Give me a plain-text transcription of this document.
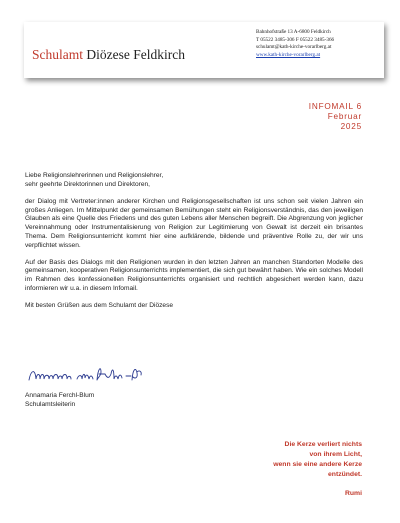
Schulamt Diözese Feldkirch
Bahnhofstraße 13 A-6800 Feldkirch
T 05522 3485-306 F 05522 3485-366
schulamt@kath-kirche-vorarlberg.at
www.kath-kirche-vorarlberg.at
INFOMAIL 6
Februar
2025
Liebe Religionslehrerinnen und Religionslehrer,
sehr geehrte Direktorinnen und Direktoren,

der Dialog mit Vertreter:innen anderer Kirchen und Religionsgesellschaften ist uns schon seit vielen Jahren ein großes Anliegen. Im Mittelpunkt der gemeinsamen Bemühungen steht ein Religionsverständnis, das den jeweiligen Glauben als eine Quelle des Friedens und des guten Lebens aller Menschen begreift. Die Abgrenzung von jeglicher Vereinnahmung oder Instrumentalisierung von Religion zur Legitimierung von Gewalt ist derzeit ein brisantes Thema. Dem Religionsunterricht kommt hier eine aufklärende, bildende und präventive Rolle zu, der wir uns verpflichtet wissen.

Auf der Basis des Dialogs mit den Religionen wurden in den letzten Jahren an manchen Standorten Modelle des gemeinsamen, kooperativen Religionsunterrichts implementiert, die sich gut bewährt haben. Wie ein solches Modell im Rahmen des konfessionellen Religionsunterrichts organisiert und rechtlich abgesichert werden kann, dazu informieren wir u.a. in diesem Infomail.

Mit besten Grüßen aus dem Schulamt der Diözese

Annamaria Ferchl-Blum
Schulamtsleiterin
Die Kerze verliert nichts
von ihrem Licht,
wenn sie eine andere Kerze
entzündet.
Rumi
